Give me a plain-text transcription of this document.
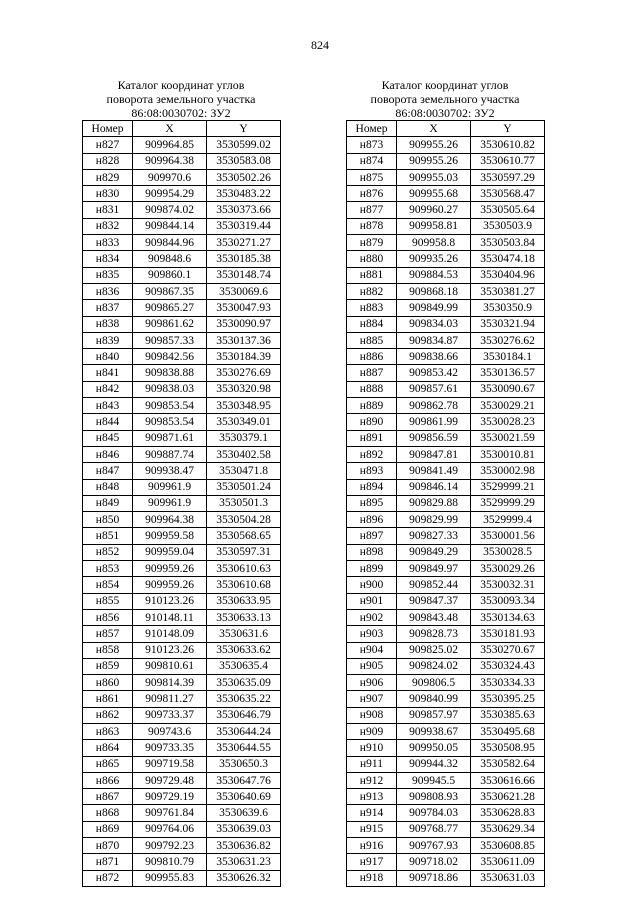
824
Каталог координат углов
поворота земельного участка
86:08:0030702: ЗУ2
Номер	X	Y
н827	909964.85	3530599.02
н828	909964.38	3530583.08
н829	909970.6	3530502.26
н830	909954.29	3530483.22
н831	909874.02	3530373.66
н832	909844.14	3530319.44
н833	909844.96	3530271.27
н834	909848.6	3530185.38
н835	909860.1	3530148.74
н836	909867.35	3530069.6
н837	909865.27	3530047.93
н838	909861.62	3530090.97
н839	909857.33	3530137.36
н840	909842.56	3530184.39
н841	909838.88	3530276.69
н842	909838.03	3530320.98
н843	909853.54	3530348.95
н844	909853.54	3530349.01
н845	909871.61	3530379.1
н846	909887.74	3530402.58
н847	909938.47	3530471.8
н848	909961.9	3530501.24
н849	909961.9	3530501.3
н850	909964.38	3530504.28
н851	909959.58	3530568.65
н852	909959.04	3530597.31
н853	909959.26	3530610.63
н854	909959.26	3530610.68
н855	910123.26	3530633.95
н856	910148.11	3530633.13
н857	910148.09	3530631.6
н858	910123.26	3530633.62
н859	909810.61	3530635.4
н860	909814.39	3530635.09
н861	909811.27	3530635.22
н862	909733.37	3530646.79
н863	909743.6	3530644.24
н864	909733.35	3530644.55
н865	909719.58	3530650.3
н866	909729.48	3530647.76
н867	909729.19	3530640.69
н868	909761.84	3530639.6
н869	909764.06	3530639.03
н870	909792.23	3530636.82
н871	909810.79	3530631.23
н872	909955.83	3530626.32
Каталог координат углов
поворота земельного участка
86:08:0030702: ЗУ2
Номер	X	Y
н873	909955.26	3530610.82
н874	909955.26	3530610.77
н875	909955.03	3530597.29
н876	909955.68	3530568.47
н877	909960.27	3530505.64
н878	909958.81	3530503.9
н879	909958.8	3530503.84
н880	909935.26	3530474.18
н881	909884.53	3530404.96
н882	909868.18	3530381.27
н883	909849.99	3530350.9
н884	909834.03	3530321.94
н885	909834.87	3530276.62
н886	909838.66	3530184.1
н887	909853.42	3530136.57
н888	909857.61	3530090.67
н889	909862.78	3530029.21
н890	909861.99	3530028.23
н891	909856.59	3530021.59
н892	909847.81	3530010.81
н893	909841.49	3530002.98
н894	909846.14	3529999.21
н895	909829.88	3529999.29
н896	909829.99	3529999.4
н897	909827.33	3530001.56
н898	909849.29	3530028.5
н899	909849.97	3530029.26
н900	909852.44	3530032.31
н901	909847.37	3530093.34
н902	909843.48	3530134.63
н903	909828.73	3530181.93
н904	909825.02	3530270.67
н905	909824.02	3530324.43
н906	909806.5	3530334.33
н907	909840.99	3530395.25
н908	909857.97	3530385.63
н909	909938.67	3530495.68
н910	909950.05	3530508.95
н911	909944.32	3530582.64
н912	909945.5	3530616.66
н913	909808.93	3530621.28
н914	909784.03	3530628.83
н915	909768.77	3530629.34
н916	909767.93	3530608.85
н917	909718.02	3530611.09
н918	909718.86	3530631.03
